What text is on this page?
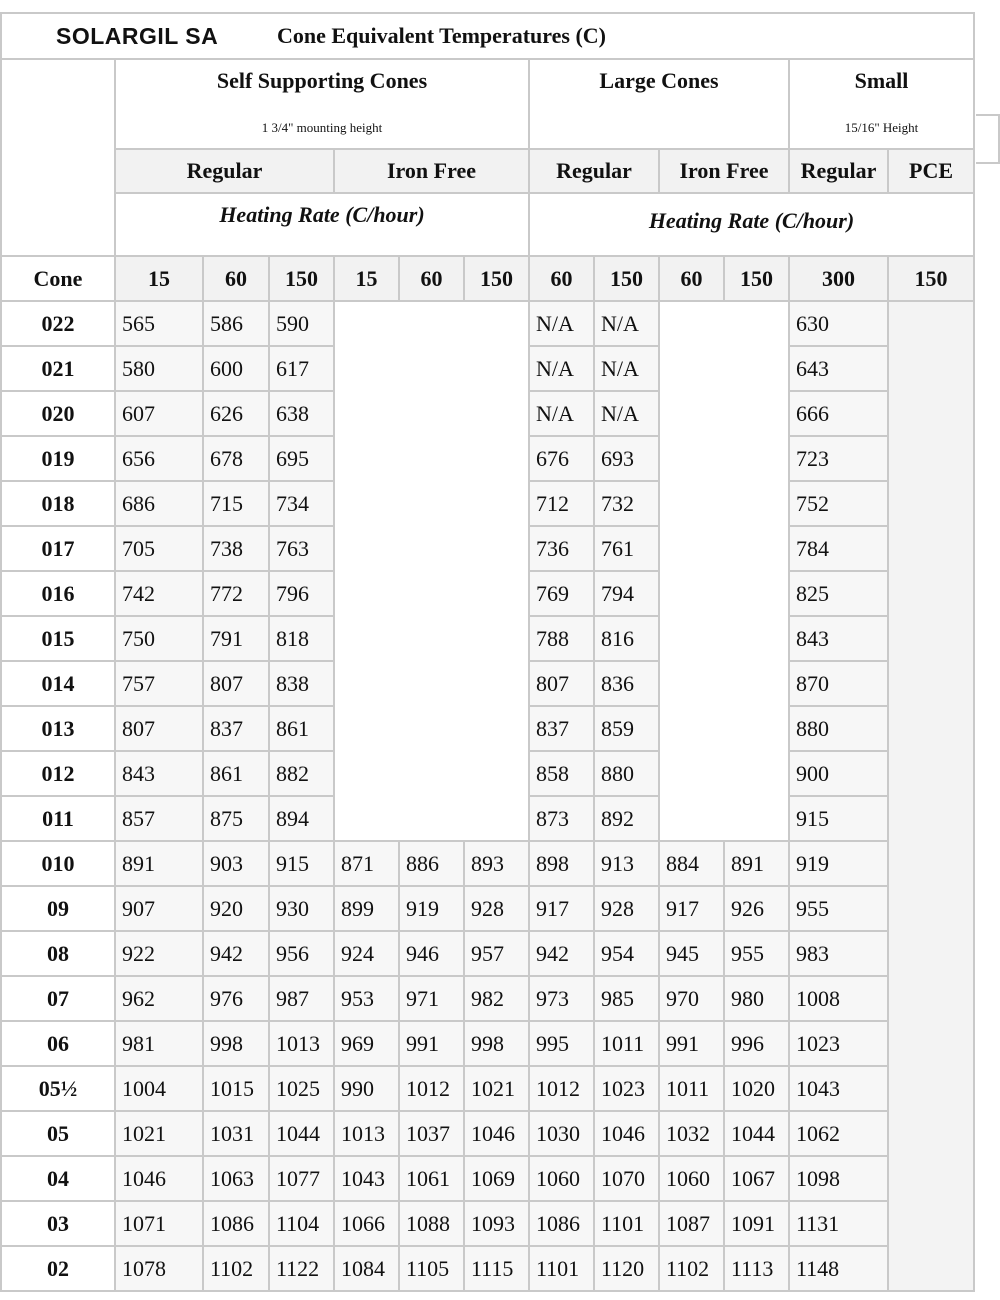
SOLARGIL SA			Cone Equivalent Temperatures (C)									

	Self Supporting Cones
1 3/4" mounting height						Large Cones				Small
15/16" Height	

	Regular			Iron Free			Regular		Iron Free		Regular	PCE
	Heating Rate (C/hour)						Heating Rate (C/hour)					
Cone	15	60	150	15	60	150	60	150	60	150	300	150
022	565	586	590				N/A	N/A			630	
021	580	600	617				N/A	N/A			643	
020	607	626	638				N/A	N/A			666	
019	656	678	695				676	693			723	
018	686	715	734				712	732			752	
017	705	738	763				736	761			784	
016	742	772	796				769	794			825	
015	750	791	818				788	816			843	
014	757	807	838				807	836			870	
013	807	837	861				837	859			880	
012	843	861	882				858	880			900	
011	857	875	894				873	892			915	
010	891	903	915	871	886	893	898	913	884	891	919	
09	907	920	930	899	919	928	917	928	917	926	955	
08	922	942	956	924	946	957	942	954	945	955	983	
07	962	976	987	953	971	982	973	985	970	980	1008	
06	981	998	1013	969	991	998	995	1011	991	996	1023	
05½	1004	1015	1025	990	1012	1021	1012	1023	1011	1020	1043	
05	1021	1031	1044	1013	1037	1046	1030	1046	1032	1044	1062	
04	1046	1063	1077	1043	1061	1069	1060	1070	1060	1067	1098	
03	1071	1086	1104	1066	1088	1093	1086	1101	1087	1091	1131	
02	1078	1102	1122	1084	1105	1115	1101	1120	1102	1113	1148	
